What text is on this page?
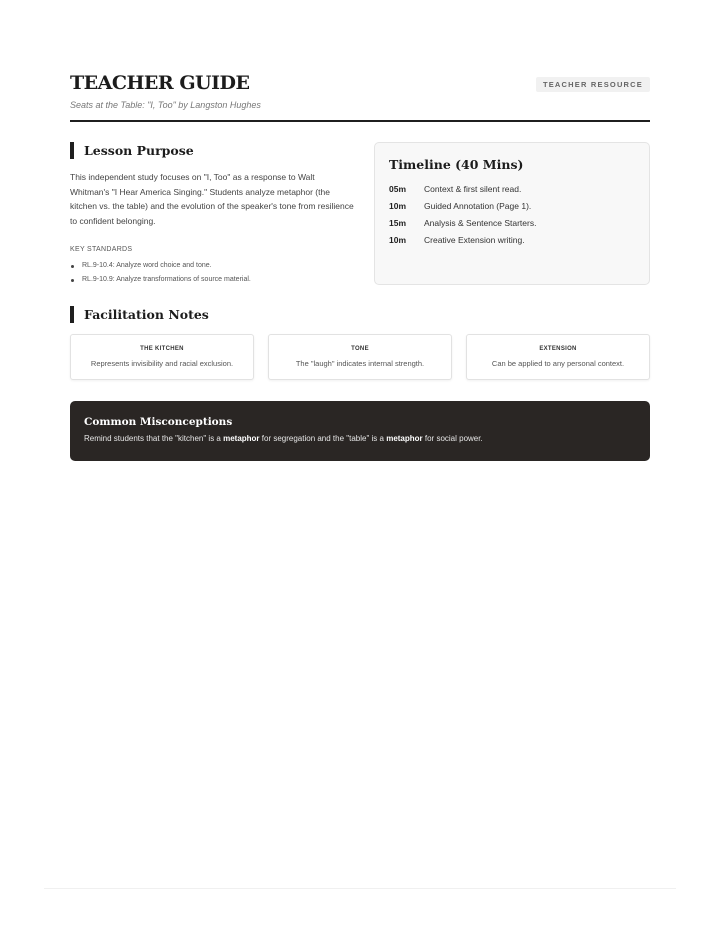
TEACHER GUIDE
Seats at the Table: "I, Too" by Langston Hughes
TEACHER RESOURCE
Lesson Purpose
This independent study focuses on "I, Too" as a response to Walt Whitman's "I Hear America Singing." Students analyze metaphor (the kitchen vs. the table) and the evolution of the speaker's tone from resilience to confident belonging.
KEY STANDARDS
RL.9-10.4: Analyze word choice and tone.
RL.9-10.9: Analyze transformations of source material.
Timeline (40 Mins)
05m Context & first silent read.
10m Guided Annotation (Page 1).
15m Analysis & Sentence Starters.
10m Creative Extension writing.
Facilitation Notes
THE KITCHEN
Represents invisibility and racial exclusion.
TONE
The "laugh" indicates internal strength.
EXTENSION
Can be applied to any personal context.
Common Misconceptions
Remind students that the "kitchen" is a metaphor for segregation and the "table" is a metaphor for social power.
